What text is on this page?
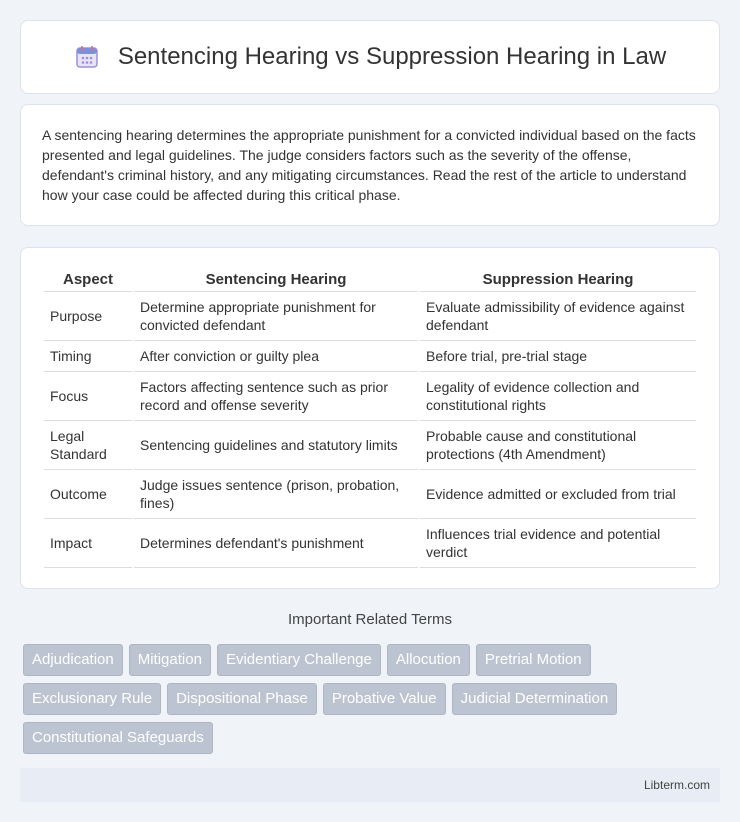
Sentencing Hearing vs Suppression Hearing in Law

A sentencing hearing determines the appropriate punishment for a convicted individual based on the facts presented and legal guidelines. The judge considers factors such as the severity of the offense, defendant's criminal history, and any mitigating circumstances. Read the rest of the article to understand how your case could be affected during this critical phase.

Aspect	Sentencing Hearing	Suppression Hearing
Purpose	Determine appropriate punishment for convicted defendant	Evaluate admissibility of evidence against defendant
Timing	After conviction or guilty plea	Before trial, pre-trial stage
Focus	Factors affecting sentence such as prior record and offense severity	Legality of evidence collection and constitutional rights
Legal Standard	Sentencing guidelines and statutory limits	Probable cause and constitutional protections (4th Amendment)
Outcome	Judge issues sentence (prison, probation, fines)	Evidence admitted or excluded from trial
Impact	Determines defendant's punishment	Influences trial evidence and potential verdict
Important Related Terms
Adjudication	Mitigation	Evidentiary Challenge	Allocution	Pretrial Motion
Exclusionary Rule	Dispositional Phase	Probative Value	Judicial Determination
Constitutional Safeguards
Libterm.com
